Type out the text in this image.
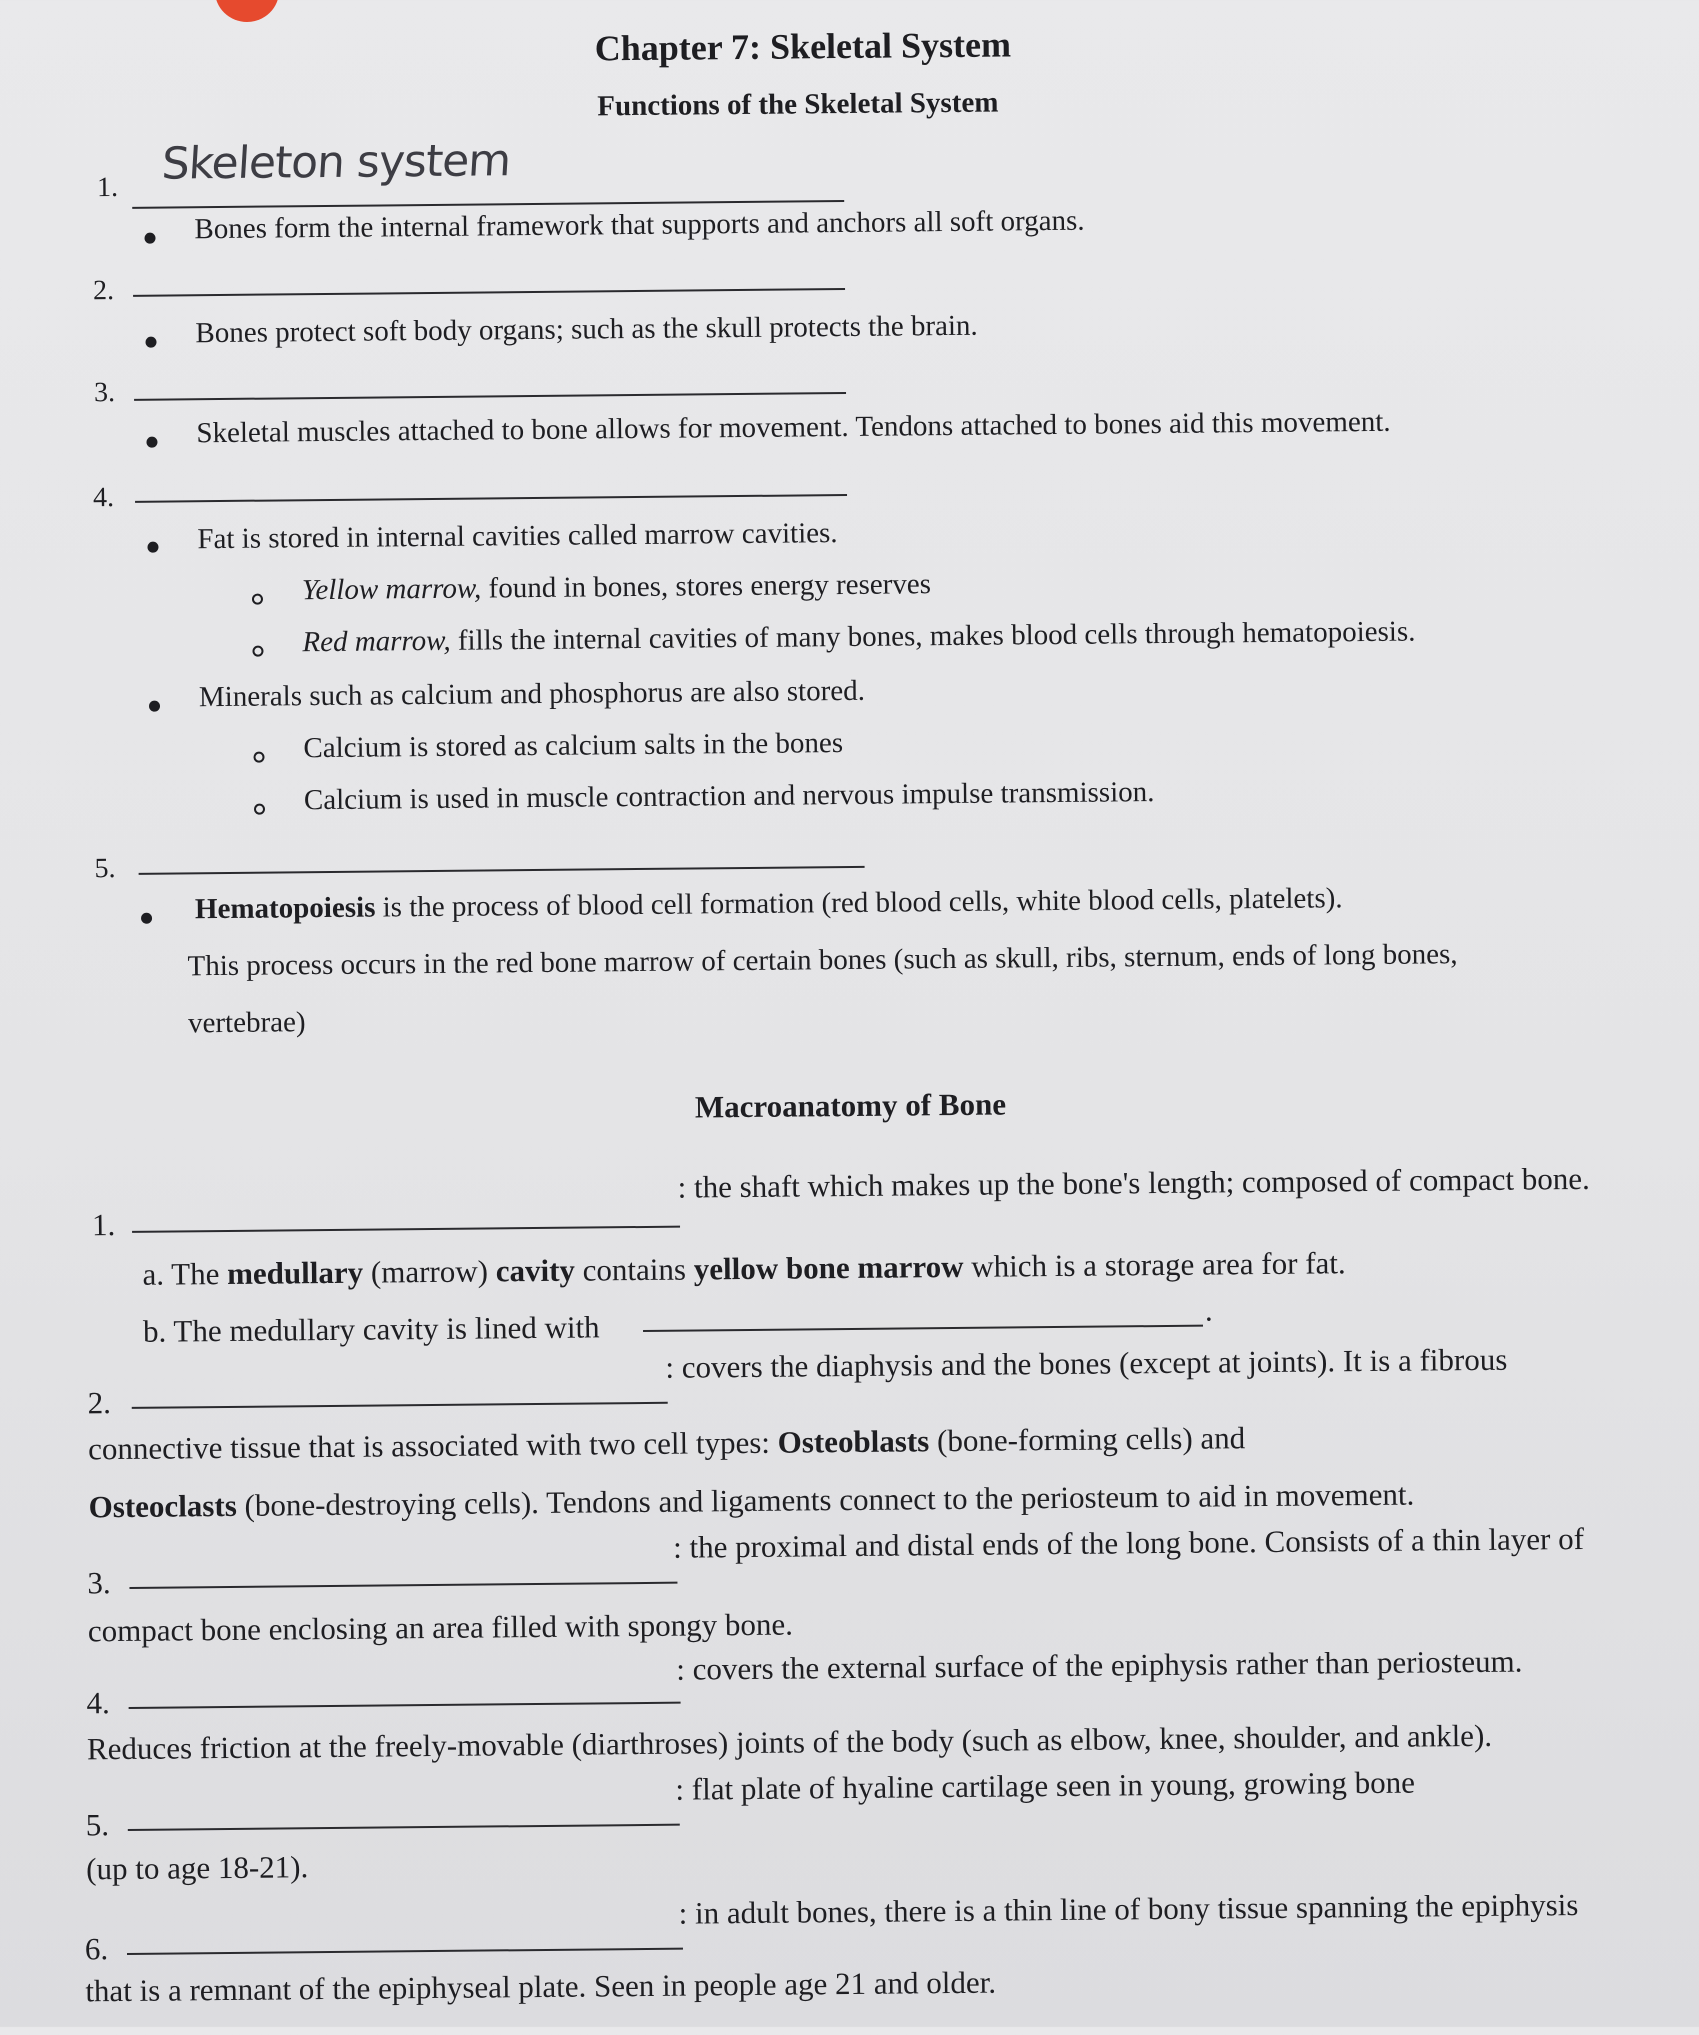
Chapter 7: Skeletal System
Functions of the Skeletal System
1. Skeleton system
Bones form the internal framework that supports and anchors all soft organs.
2.
Bones protect soft body organs; such as the skull protects the brain.
3.
Skeletal muscles attached to bone allows for movement. Tendons attached to bones aid this movement.
4.
Fat is stored in internal cavities called marrow cavities.
Yellow marrow, found in bones, stores energy reserves
Red marrow, fills the internal cavities of many bones, makes blood cells through hematopoiesis.
Minerals such as calcium and phosphorus are also stored.
Calcium is stored as calcium salts in the bones
Calcium is used in muscle contraction and nervous impulse transmission.
5.
Hematopoiesis is the process of blood cell formation (red blood cells, white blood cells, platelets).
This process occurs in the red bone marrow of certain bones (such as skull, ribs, sternum, ends of long bones,
vertebrae)
Macroanatomy of Bone
1.
: the shaft which makes up the bone's length; composed of compact bone.
a. The medullary (marrow) cavity contains yellow bone marrow which is a storage area for fat.
b. The medullary cavity is lined with	.
2.
: covers the diaphysis and the bones (except at joints). It is a fibrous
connective tissue that is associated with two cell types: Osteoblasts (bone-forming cells) and
Osteoclasts (bone-destroying cells). Tendons and ligaments connect to the periosteum to aid in movement.
3.
: the proximal and distal ends of the long bone. Consists of a thin layer of
compact bone enclosing an area filled with spongy bone.
4.
: covers the external surface of the epiphysis rather than periosteum.
Reduces friction at the freely-movable (diarthroses) joints of the body (such as elbow, knee, shoulder, and ankle).
5.
: flat plate of hyaline cartilage seen in young, growing bone
(up to age 18-21).
6.
: in adult bones, there is a thin line of bony tissue spanning the epiphysis
that is a remnant of the epiphyseal plate. Seen in people age 21 and older.
